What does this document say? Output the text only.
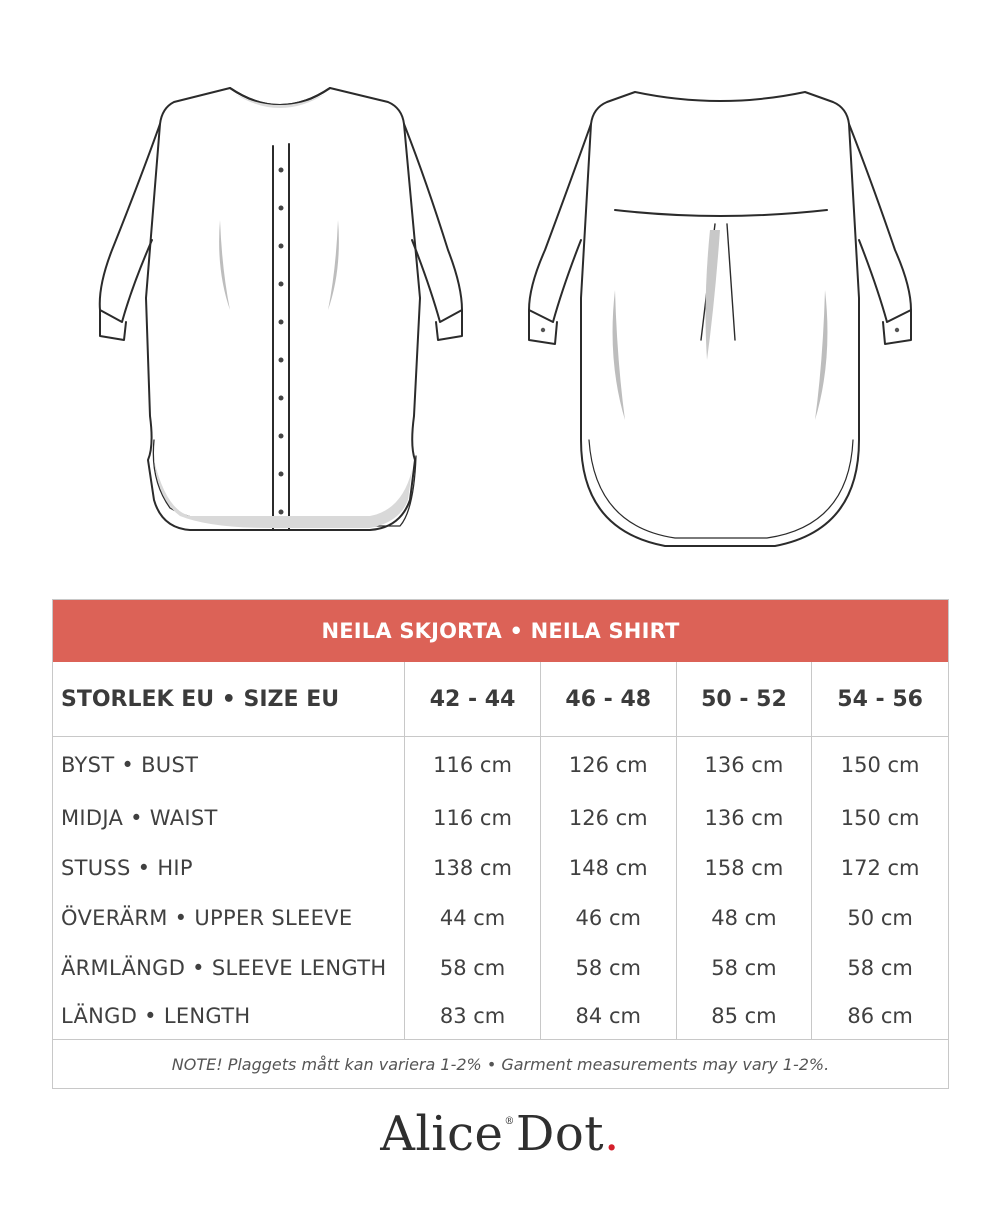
NEILA SKJORTA • NEILA SHIRT
STORLEK EU • SIZE EU	42 - 44	46 - 48	50 - 52	54 - 56
BYST • BUST	116 cm	126 cm	136 cm	150 cm
MIDJA • WAIST	116 cm	126 cm	136 cm	150 cm
STUSS • HIP	138 cm	148 cm	158 cm	172 cm
ÖVERÄRM • UPPER SLEEVE	44 cm	46 cm	48 cm	50 cm
ÄRMLÄNGD • SLEEVE LENGTH	58 cm	58 cm	58 cm	58 cm
LÄNGD • LENGTH	83 cm	84 cm	85 cm	86 cm
NOTE! Plaggets mått kan variera 1-2% • Garment measurements may vary 1-2%.
Alice®Dot.
